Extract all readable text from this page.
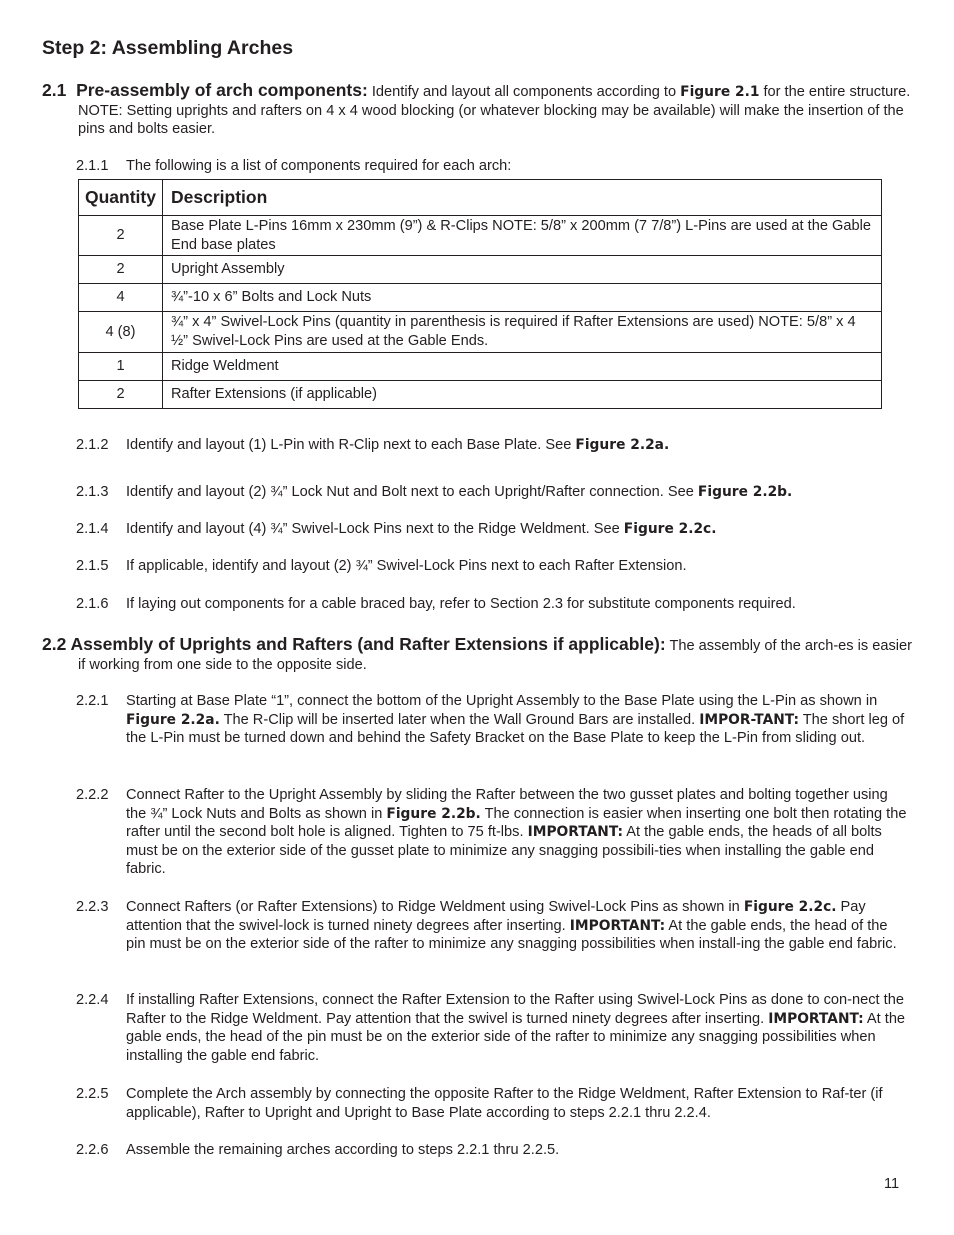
Step 2: Assembling Arches
2.1 Pre-assembly of arch components: Identify and layout all components according to Figure 2.1 for the entire structure. NOTE: Setting uprights and rafters on 4 x 4 wood blocking (or whatever blocking may be available) will make the insertion of the pins and bolts easier.
2.1.1	The following is a list of components required for each arch:
Quantity	Description
2	Base Plate L-Pins 16mm x 230mm (9”) & R-Clips NOTE: 5/8” x 200mm (7 7/8”) L-Pins are used at the Gable End base plates
2	Upright Assembly
4	¾”-10 x 6” Bolts and Lock Nuts
4 (8)	¾” x 4” Swivel-Lock Pins (quantity in parenthesis is required if Rafter Extensions are used) NOTE: 5/8” x 4 ½” Swivel-Lock Pins are used at the Gable Ends.
1	Ridge Weldment
2	Rafter Extensions (if applicable)
2.1.2	Identify and layout (1) L-Pin with R-Clip next to each Base Plate. See Figure 2.2a.
2.1.3	Identify and layout (2) ¾” Lock Nut and Bolt next to each Upright/Rafter connection. See Figure 2.2b.
2.1.4	Identify and layout (4) ¾” Swivel-Lock Pins next to the Ridge Weldment. See Figure 2.2c.
2.1.5	If applicable, identify and layout (2) ¾” Swivel-Lock Pins next to each Rafter Extension.
2.1.6	If laying out components for a cable braced bay, refer to Section 2.3 for substitute components required.
2.2 Assembly of Uprights and Rafters (and Rafter Extensions if applicable): The assembly of the arch-es is easier if working from one side to the opposite side.
2.2.1	Starting at Base Plate “1”, connect the bottom of the Upright Assembly to the Base Plate using the L-Pin as shown in Figure 2.2a. The R-Clip will be inserted later when the Wall Ground Bars are installed. IMPOR-TANT: The short leg of the L-Pin must be turned down and behind the Safety Bracket on the Base Plate to keep the L-Pin from sliding out.
2.2.2	Connect Rafter to the Upright Assembly by sliding the Rafter between the two gusset plates and bolting together using the ¾” Lock Nuts and Bolts as shown in Figure 2.2b. The connection is easier when inserting one bolt then rotating the rafter until the second bolt hole is aligned. Tighten to 75 ft-lbs. IMPORTANT: At the gable ends, the heads of all bolts must be on the exterior side of the gusset plate to minimize any snagging possibili-ties when installing the gable end fabric.
2.2.3	Connect Rafters (or Rafter Extensions) to Ridge Weldment using Swivel-Lock Pins as shown in Figure 2.2c. Pay attention that the swivel-lock is turned ninety degrees after inserting. IMPORTANT: At the gable ends, the head of the pin must be on the exterior side of the rafter to minimize any snagging possibilities when install-ing the gable end fabric.
2.2.4	If installing Rafter Extensions, connect the Rafter Extension to the Rafter using Swivel-Lock Pins as done to con-nect the Rafter to the Ridge Weldment. Pay attention that the swivel is turned ninety degrees after inserting. IMPORTANT: At the gable ends, the head of the pin must be on the exterior side of the rafter to minimize any snagging possibilities when installing the gable end fabric.
2.2.5	Complete the Arch assembly by connecting the opposite Rafter to the Ridge Weldment, Rafter Extension to Raf-ter (if applicable), Rafter to Upright and Upright to Base Plate according to steps 2.2.1 thru 2.2.4.
2.2.6	Assemble the remaining arches according to steps 2.2.1 thru 2.2.5.
11
